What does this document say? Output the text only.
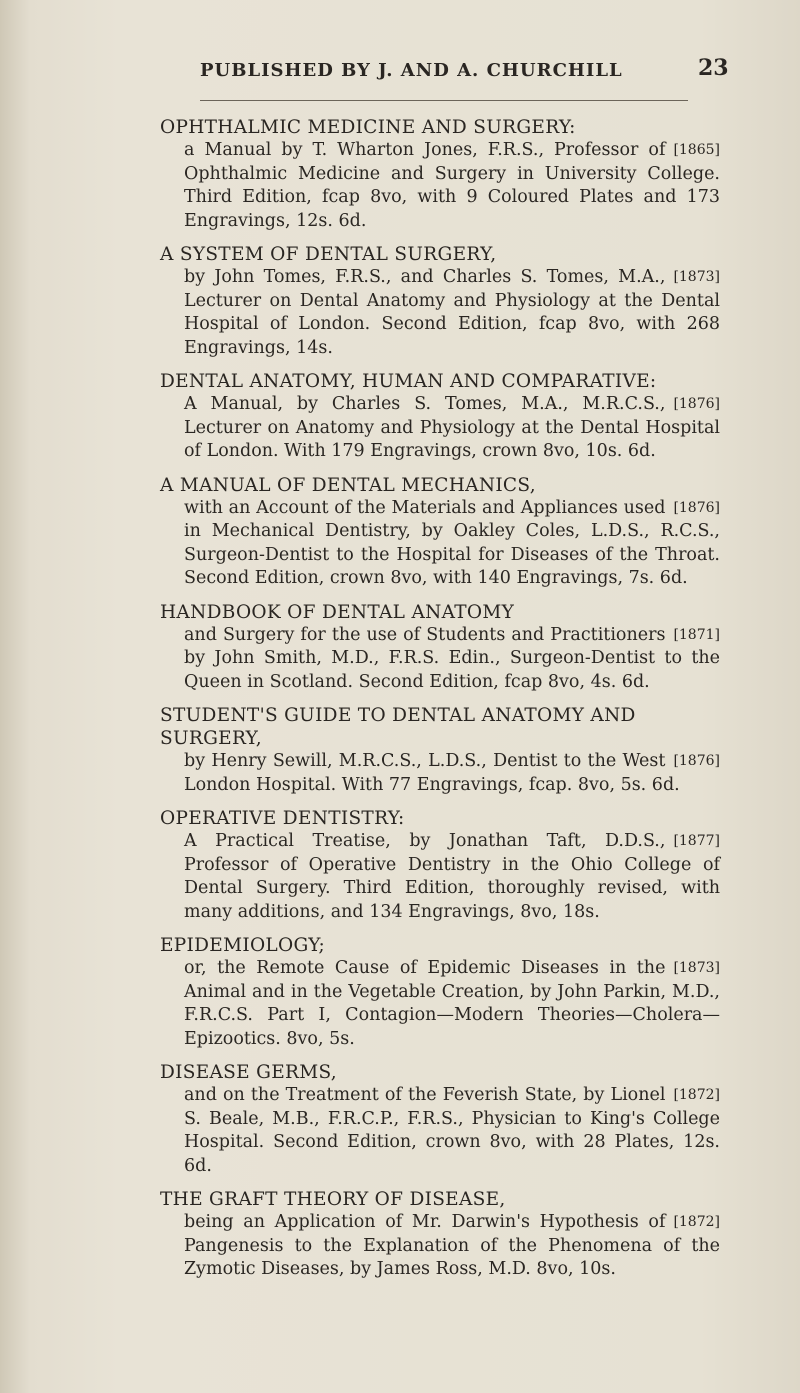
PUBLISHED BY J. AND A. CHURCHILL	23
OPHTHALMIC MEDICINE AND SURGERY:
[1865]
a Manual by T. Wharton Jones, F.R.S., Professor of Ophthalmic Medicine and Surgery in University College. Third Edition, fcap 8vo, with 9 Coloured Plates and 173 Engravings, 12s. 6d.
A SYSTEM OF DENTAL SURGERY,
[1873]
by John Tomes, F.R.S., and Charles S. Tomes, M.A., Lecturer on Dental Anatomy and Physiology at the Dental Hospital of London. Second Edition, fcap 8vo, with 268 Engravings, 14s.
DENTAL ANATOMY, HUMAN AND COMPARATIVE:
[1876]
A Manual, by Charles S. Tomes, M.A., M.R.C.S., Lecturer on Anatomy and Physiology at the Dental Hospital of London. With 179 Engravings, crown 8vo, 10s. 6d.
A MANUAL OF DENTAL MECHANICS,
[1876]
with an Account of the Materials and Appliances used in Mechanical Dentistry, by Oakley Coles, L.D.S., R.C.S., Surgeon-Dentist to the Hospital for Diseases of the Throat. Second Edition, crown 8vo, with 140 Engravings, 7s. 6d.
HANDBOOK OF DENTAL ANATOMY
[1871]
and Surgery for the use of Students and Practitioners by John Smith, M.D., F.R.S. Edin., Surgeon-Dentist to the Queen in Scotland. Second Edition, fcap 8vo, 4s. 6d.
STUDENT'S GUIDE TO DENTAL ANATOMY AND SURGERY,
[1876]
by Henry Sewill, M.R.C.S., L.D.S., Dentist to the West London Hospital. With 77 Engravings, fcap. 8vo, 5s. 6d.
OPERATIVE DENTISTRY:
[1877]
A Practical Treatise, by Jonathan Taft, D.D.S., Professor of Operative Dentistry in the Ohio College of Dental Surgery. Third Edition, thoroughly revised, with many additions, and 134 Engravings, 8vo, 18s.
EPIDEMIOLOGY;
[1873]
or, the Remote Cause of Epidemic Diseases in the Animal and in the Vegetable Creation, by John Parkin, M.D., F.R.C.S. Part I, Contagion—Modern Theories—Cholera—Epizootics. 8vo, 5s.
DISEASE GERMS,
[1872]
and on the Treatment of the Feverish State, by Lionel S. Beale, M.B., F.R.C.P., F.R.S., Physician to King's College Hospital. Second Edition, crown 8vo, with 28 Plates, 12s. 6d.
THE GRAFT THEORY OF DISEASE,
[1872]
being an Application of Mr. Darwin's Hypothesis of Pangenesis to the Explanation of the Phenomena of the Zymotic Diseases, by James Ross, M.D. 8vo, 10s.
